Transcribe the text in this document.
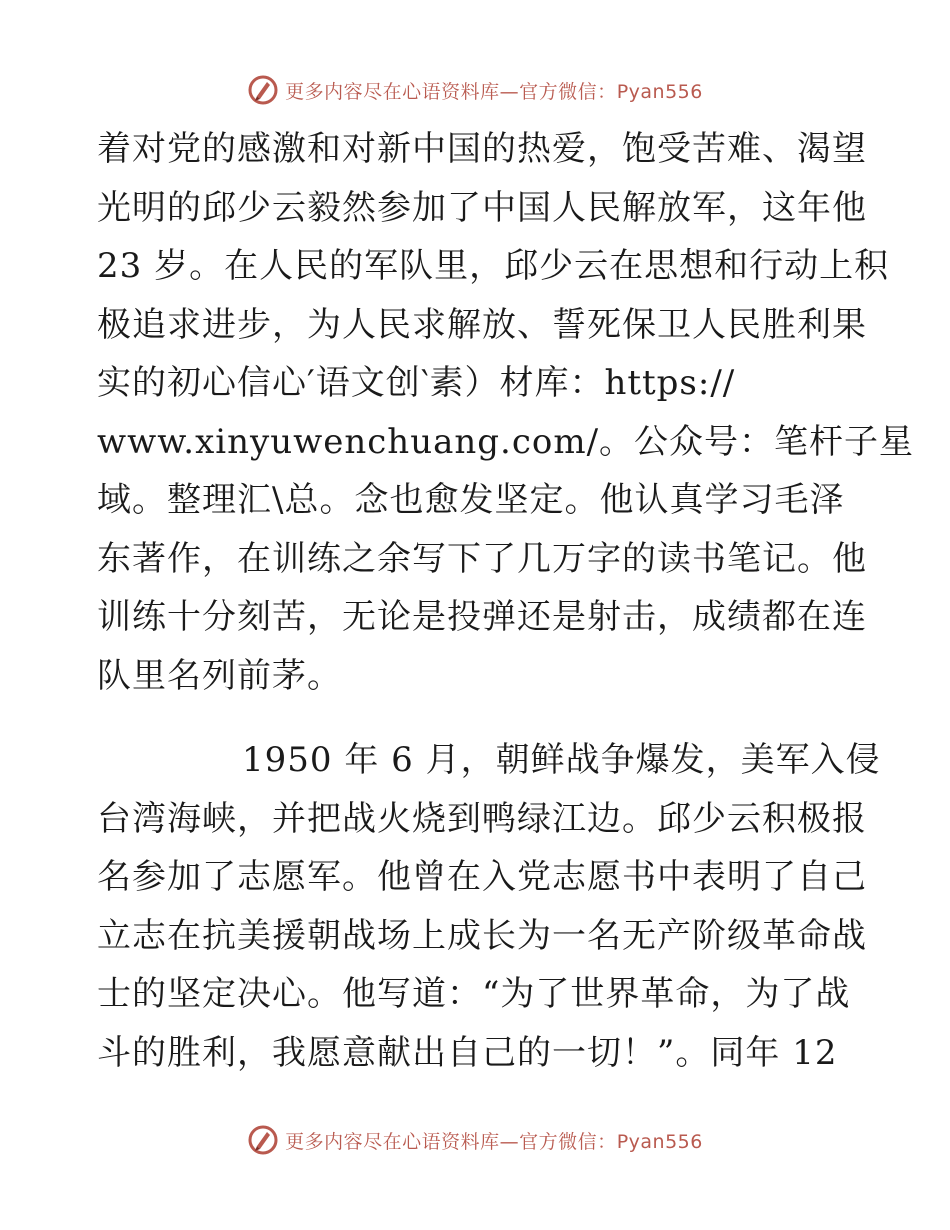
更多内容尽在心语资料库—官方微信：Pyan556
着对党的感激和对新中国的热爱，饱受苦难、渴望
光明的邱少云毅然参加了中国人民解放军，这年他
23 岁。在人民的军队里，邱少云在思想和行动上积
极追求进步，为人民求解放、誓死保卫人民胜利果
实的初心信心′语文创‵素）材库：https://
www.xinyuwenchuang.com/。公众号：笔杆子星
域。整理汇\总。念也愈发坚定。他认真学习毛泽
东著作，在训练之余写下了几万字的读书笔记。他
训练十分刻苦，无论是投弹还是射击，成绩都在连
队里名列前茅。
1950 年 6 月，朝鲜战争爆发，美军入侵
台湾海峡，并把战火烧到鸭绿江边。邱少云积极报
名参加了志愿军。他曾在入党志愿书中表明了自己
立志在抗美援朝战场上成长为一名无产阶级革命战
士的坚定决心。他写道：“为了世界革命，为了战
斗的胜利，我愿意献出自己的一切！”。同年 12
更多内容尽在心语资料库—官方微信：Pyan556
